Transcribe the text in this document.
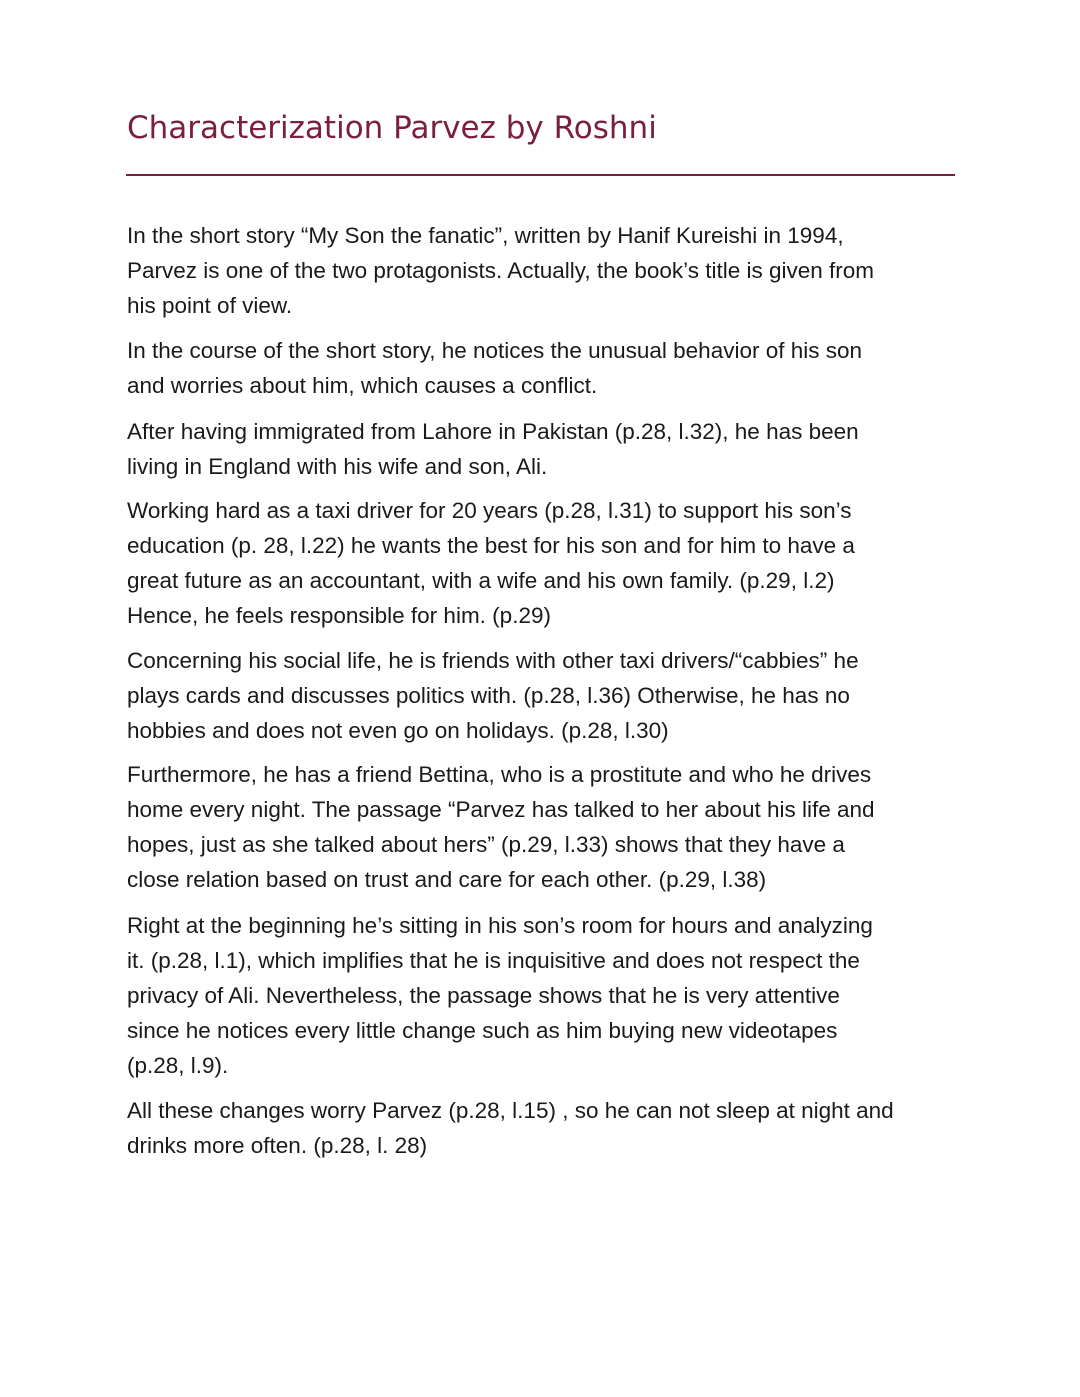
Characterization Parvez by Roshni

In the short story “My Son the fanatic”, written by Hanif Kureishi in 1994,
Parvez is one of the two protagonists. Actually, the book’s title is given from
his point of view.

In the course of the short story, he notices the unusual behavior of his son
and worries about him, which causes a conflict.

After having immigrated from Lahore in Pakistan (p.28, l.32), he has been
living in England with his wife and son, Ali.

Working hard as a taxi driver for 20 years (p.28, l.31) to support his son’s
education (p. 28, l.22) he wants the best for his son and for him to have a
great future as an accountant, with a wife and his own family. (p.29, l.2)
Hence, he feels responsible for him. (p.29)

Concerning his social life, he is friends with other taxi drivers/“cabbies” he
plays cards and discusses politics with. (p.28, l.36) Otherwise, he has no
hobbies and does not even go on holidays. (p.28, l.30)

Furthermore, he has a friend Bettina, who is a prostitute and who he drives
home every night. The passage “Parvez has talked to her about his life and
hopes, just as she talked about hers” (p.29, l.33) shows that they have a
close relation based on trust and care for each other. (p.29, l.38)

Right at the beginning he’s sitting in his son’s room for hours and analyzing
it. (p.28, l.1), which implifies that he is inquisitive and does not respect the
privacy of Ali. Nevertheless, the passage shows that he is very attentive
since he notices every little change such as him buying new videotapes
(p.28, l.9).

All these changes worry Parvez (p.28, l.15) , so he can not sleep at night and
drinks more often. (p.28, l. 28)
